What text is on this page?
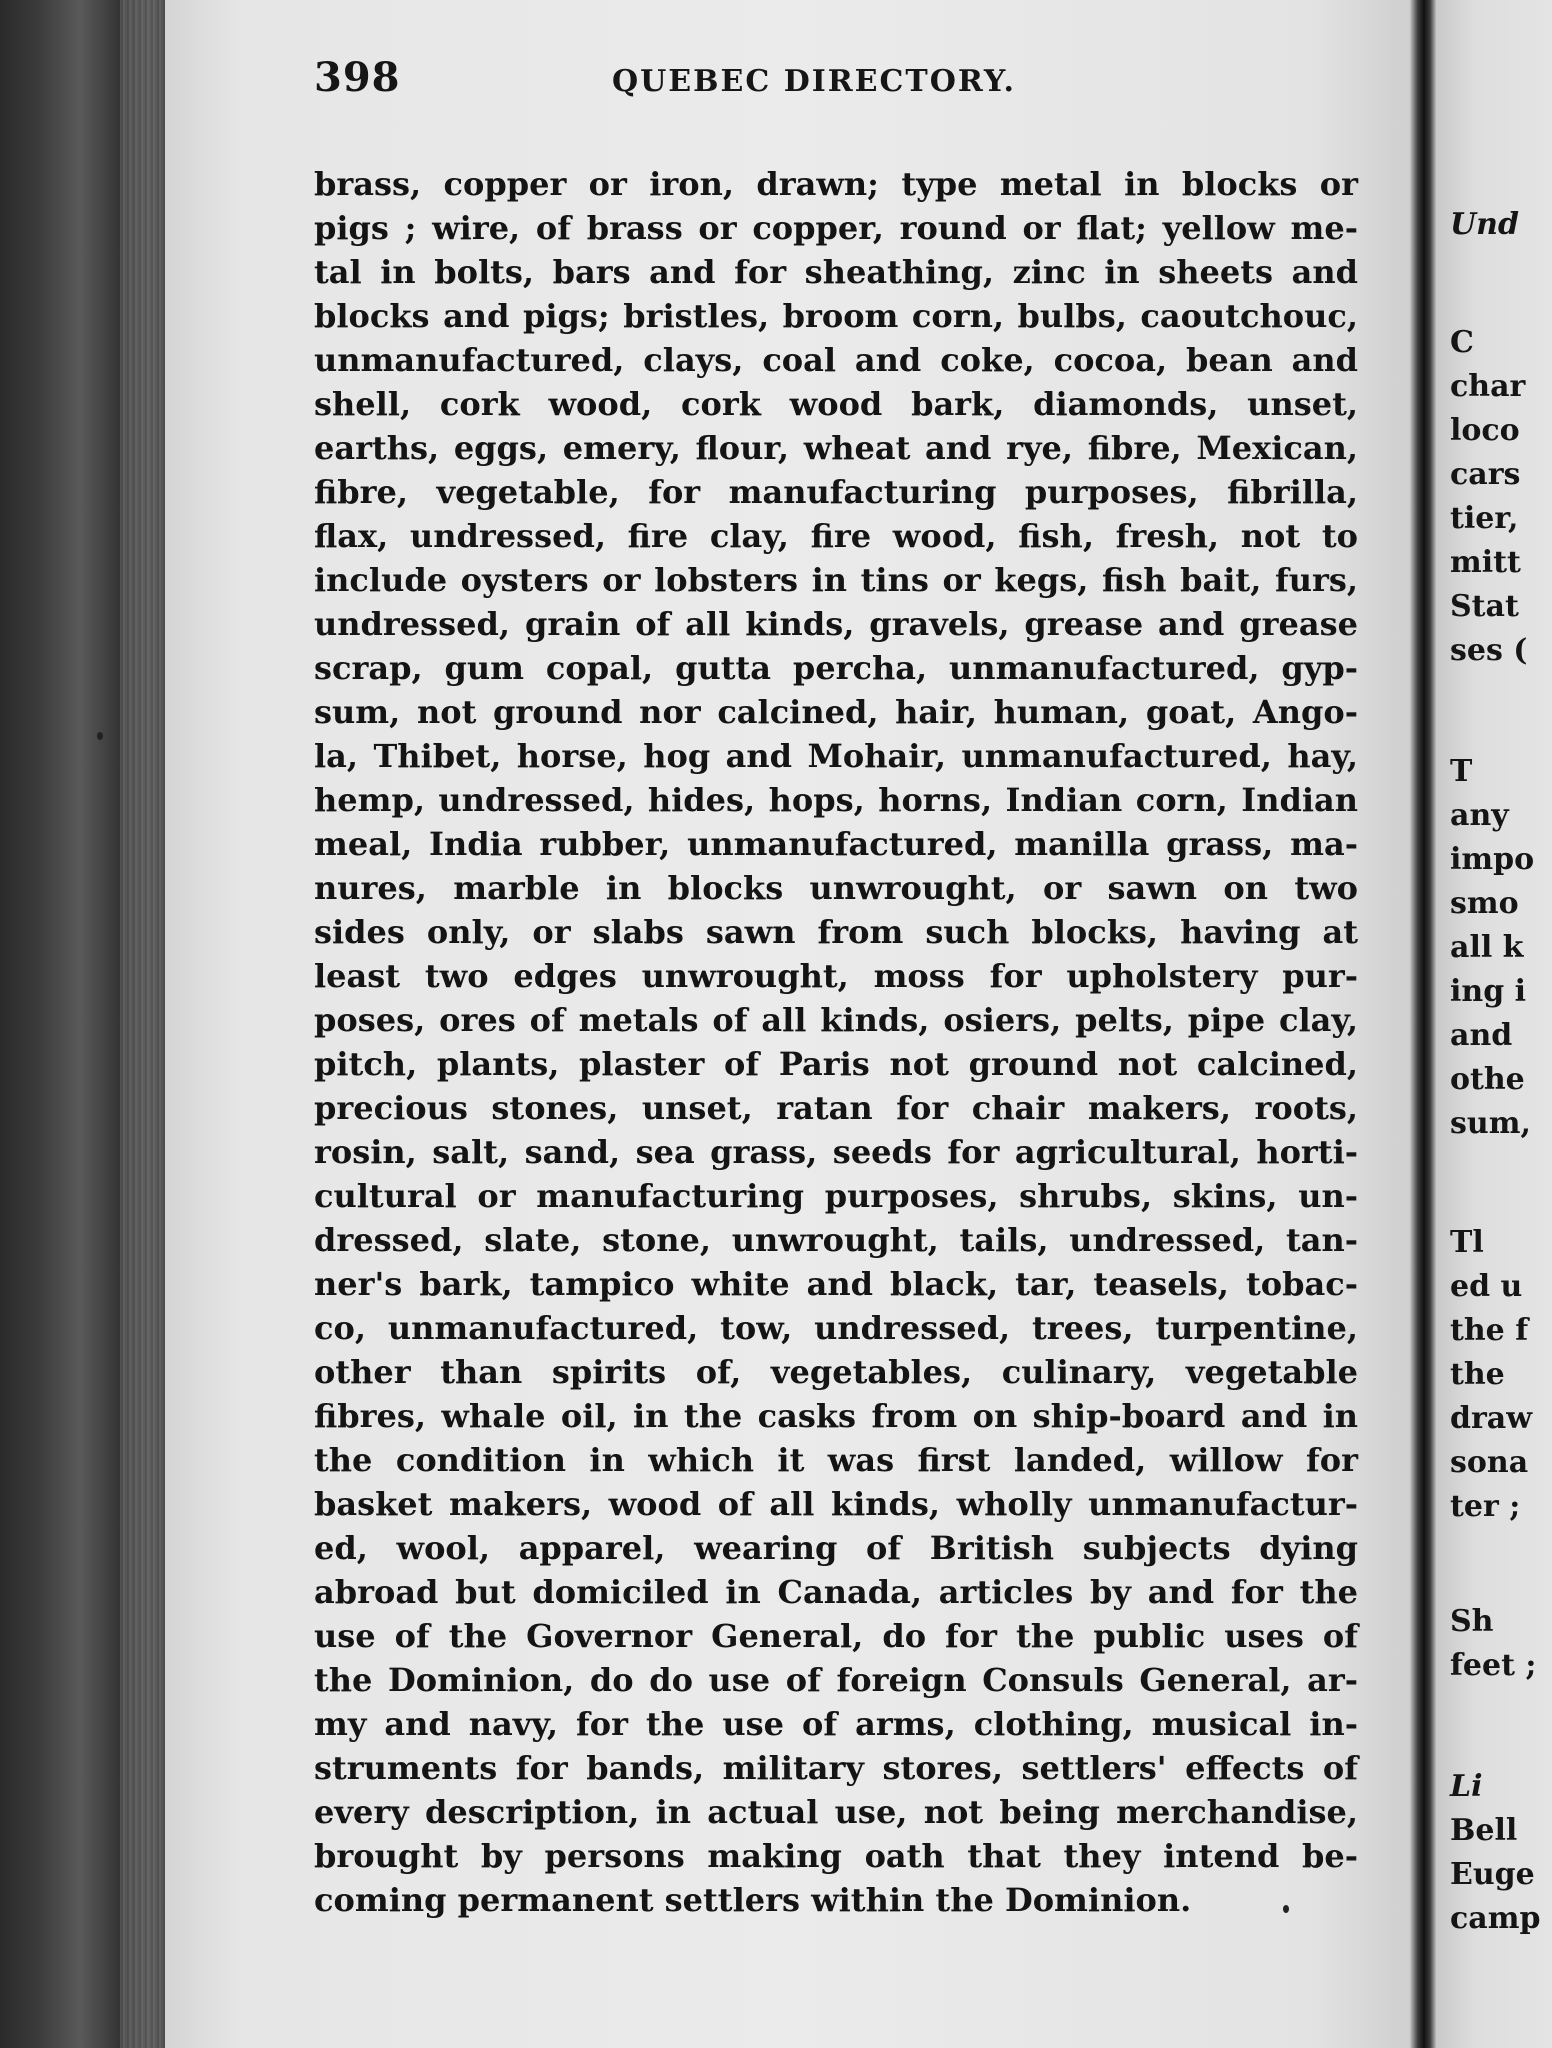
398	QUEBEC DIRECTORY.
brass, copper or iron, drawn; type metal in blocks or
pigs ; wire, of brass or copper, round or flat; yellow me-
tal in bolts, bars and for sheathing, zinc in sheets and
blocks and pigs; bristles, broom corn, bulbs, caoutchouc,
unmanufactured, clays, coal and coke, cocoa, bean and
shell, cork wood, cork wood bark, diamonds, unset,
earths, eggs, emery, flour, wheat and rye, fibre, Mexican,
fibre, vegetable, for manufacturing purposes, fibrilla,
flax, undressed, fire clay, fire wood, fish, fresh, not to
include oysters or lobsters in tins or kegs, fish bait, furs,
undressed, grain of all kinds, gravels, grease and grease
scrap, gum copal, gutta percha, unmanufactured, gyp-
sum, not ground nor calcined, hair, human, goat, Ango-
la, Thibet, horse, hog and Mohair, unmanufactured, hay,
hemp, undressed, hides, hops, horns, Indian corn, Indian
meal, India rubber, unmanufactured, manilla grass, ma-
nures, marble in blocks unwrought, or sawn on two
sides only, or slabs sawn from such blocks, having at
least two edges unwrought, moss for upholstery pur-
poses, ores of metals of all kinds, osiers, pelts, pipe clay,
pitch, plants, plaster of Paris not ground not calcined,
precious stones, unset, ratan for chair makers, roots,
rosin, salt, sand, sea grass, seeds for agricultural, horti-
cultural or manufacturing purposes, shrubs, skins, un-
dressed, slate, stone, unwrought, tails, undressed, tan-
ner's bark, tampico white and black, tar, teasels, tobac-
co, unmanufactured, tow, undressed, trees, turpentine,
other than spirits of, vegetables, culinary, vegetable
fibres, whale oil, in the casks from on ship-board and in
the condition in which it was first landed, willow for
basket makers, wood of all kinds, wholly unmanufactur-
ed, wool, apparel, wearing of British subjects dying
abroad but domiciled in Canada, articles by and for the
use of the Governor General, do for the public uses of
the Dominion, do do use of foreign Consuls General, ar-
my and navy, for the use of arms, clothing, musical in-
struments for bands, military stores, settlers' effects of
every description, in actual use, not being merchandise,
brought by persons making oath that they intend be-
coming permanent settlers within the Dominion.
Und
C
char
loco
cars
tier,
mitt
Stat
ses (
T
any
impo
smo
all k
ing i
and
othe
sum,
Tl
ed u
the f
the
draw
sona
ter ;
Sh
feet ;
Li
Bell
Euge
camp
